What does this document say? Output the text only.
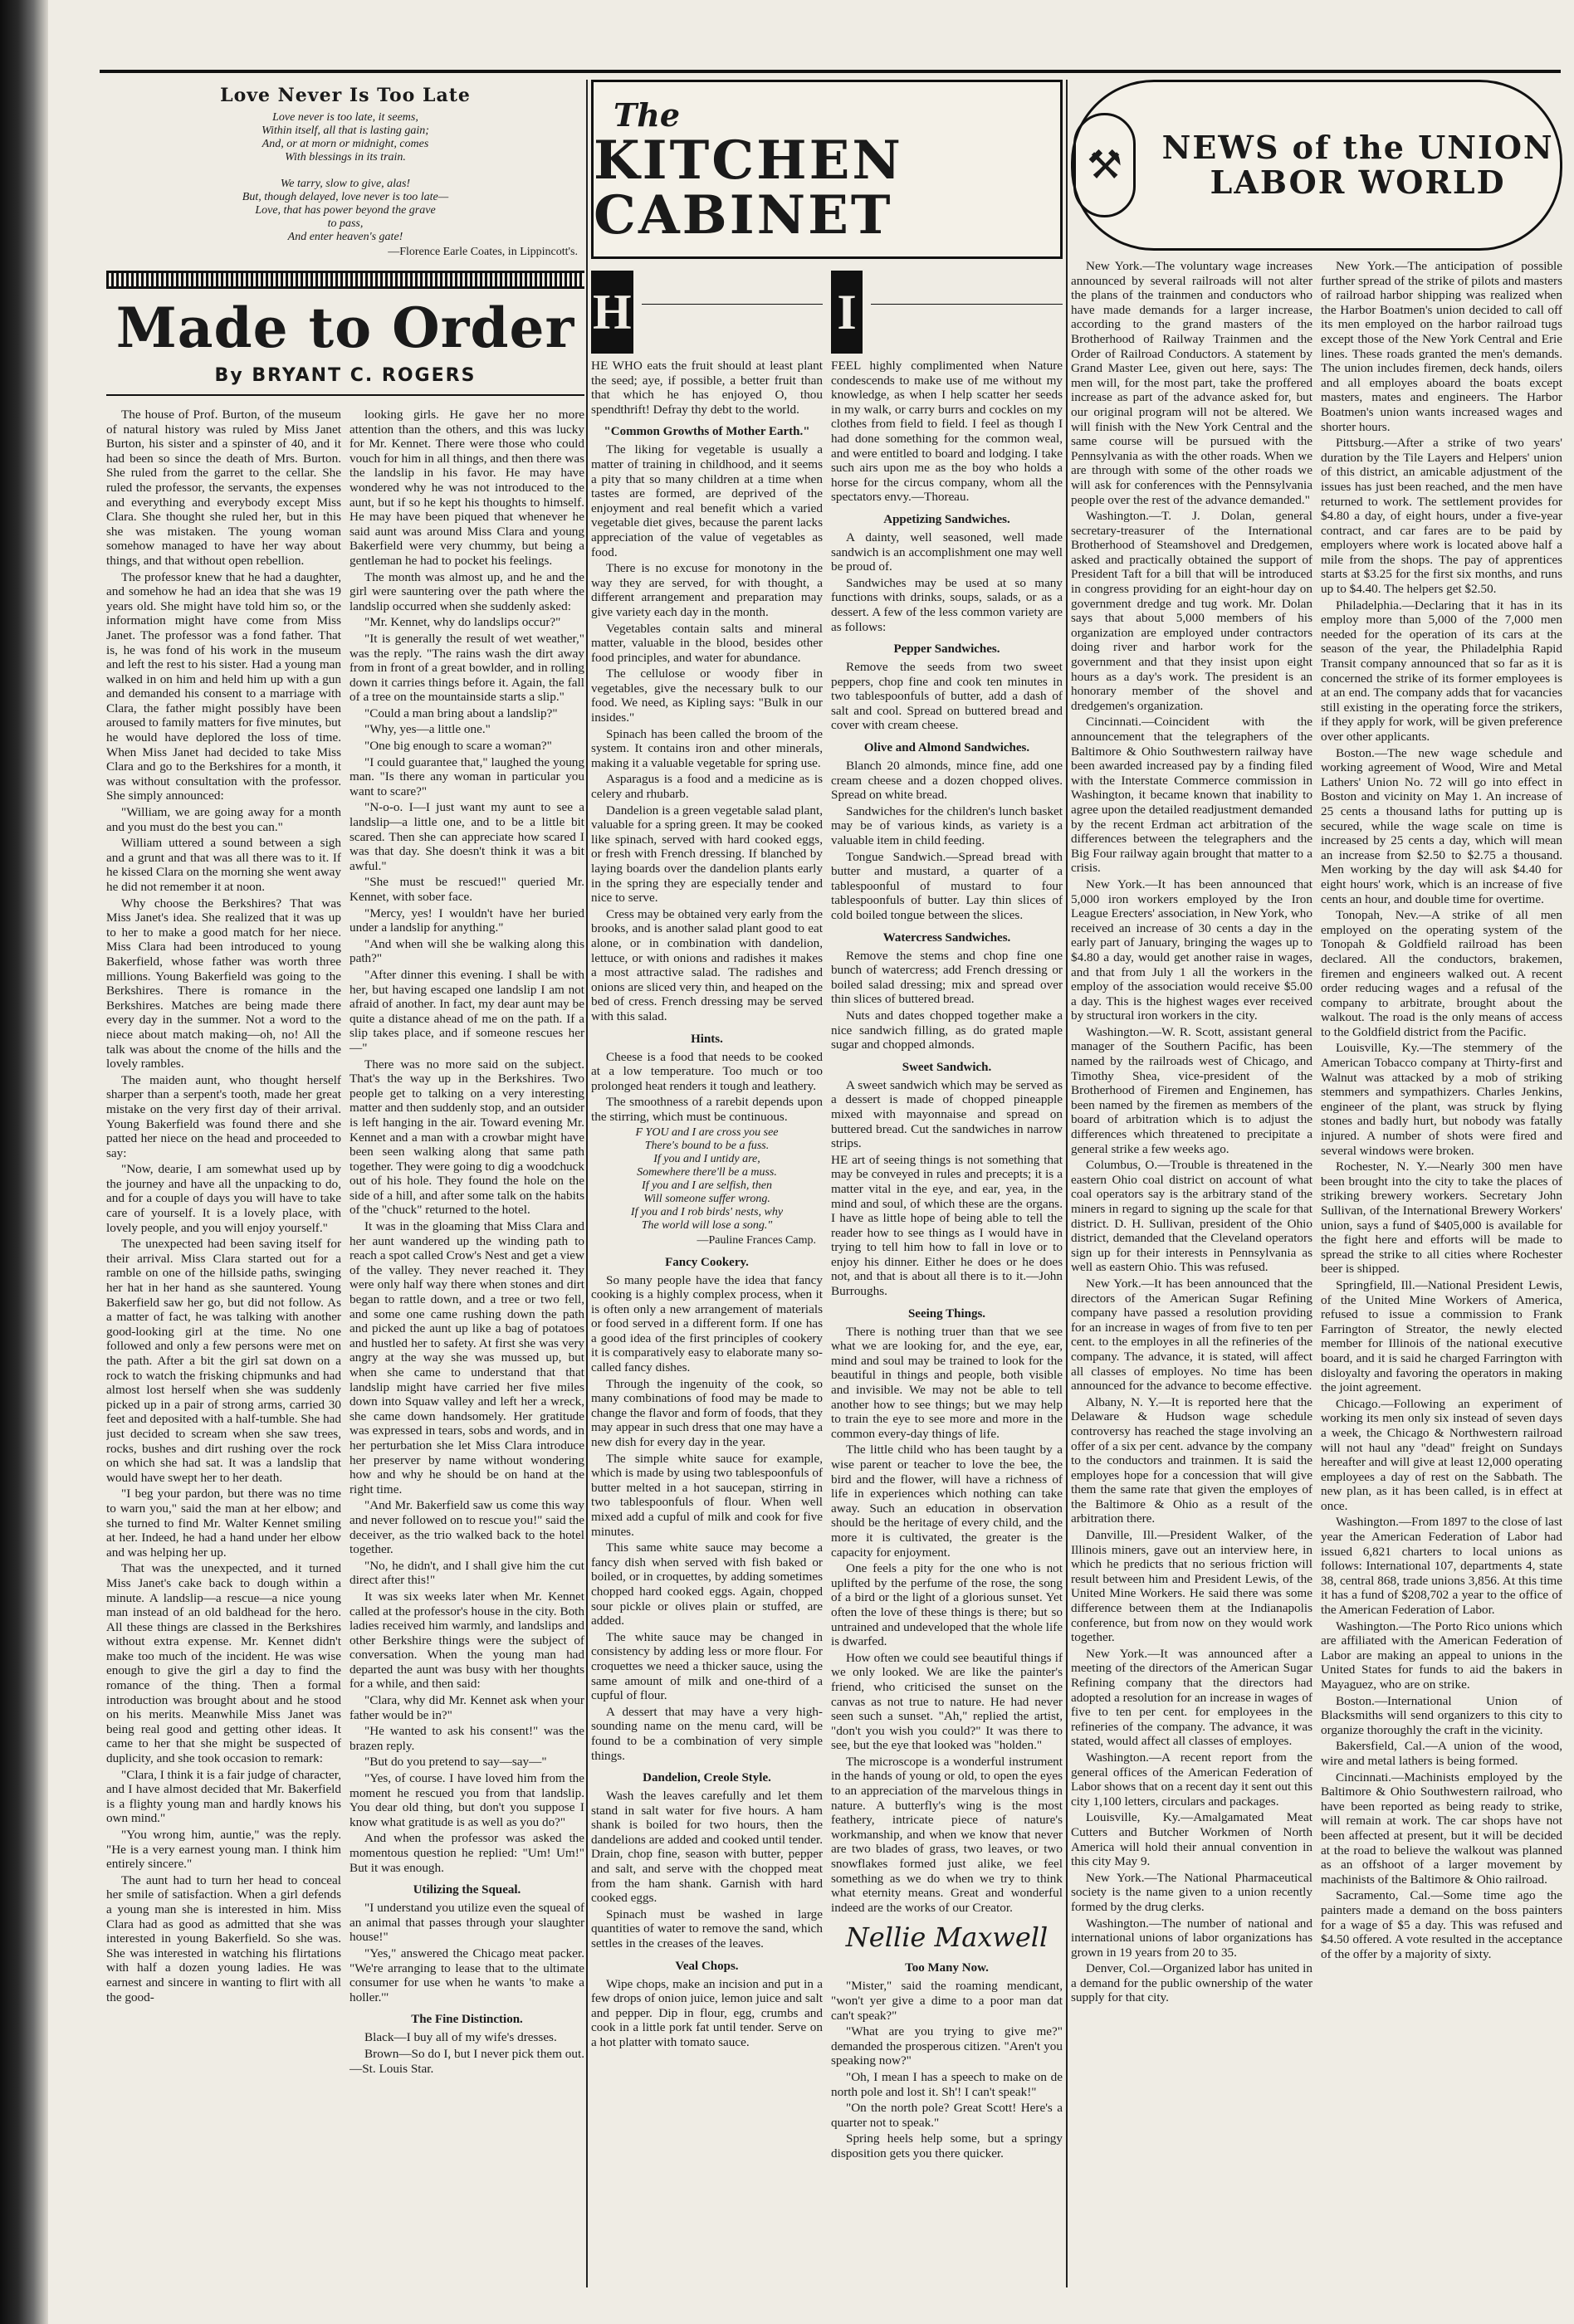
Love Never Is Too Late
Love never is too late, it seems,
Within itself, all that is lasting gain;
And, or at morn or midnight, comes
With blessings in its train.

We tarry, slow to give, alas!
But, though delayed, love never is too late—
Love, that has power beyond the grave
to pass,
And enter heaven's gate!
—Florence Earle Coates, in Lippincott's.
Made to Order
By BRYANT C. ROGERS

The house of Prof. Burton, of the museum of natural history was ruled by Miss Janet Burton, his sister and a spinster of 40, and it had been so since the death of Mrs. Burton. She ruled from the garret to the cellar. She ruled the professor, the servants, the expenses and everything and everybody except Miss Clara. She thought she ruled her, but in this she was mistaken. The young woman somehow managed to have her way about things, and that without open rebellion.

The professor knew that he had a daughter, and somehow he had an idea that she was 19 years old. She might have told him so, or the information might have come from Miss Janet. The professor was a fond father. That is, he was fond of his work in the museum and left the rest to his sister. Had a young man walked in on him and held him up with a gun and demanded his consent to a marriage with Clara, the father might possibly have been aroused to family matters for five minutes, but he would have deplored the loss of time. When Miss Janet had decided to take Miss Clara and go to the Berkshires for a month, it was without consultation with the professor. She simply announced:

"William, we are going away for a month and you must do the best you can."

William uttered a sound between a sigh and a grunt and that was all there was to it. If he kissed Clara on the morning she went away he did not remember it at noon.

Why choose the Berkshires? That was Miss Janet's idea. She realized that it was up to her to make a good match for her niece. Miss Clara had been introduced to young Bakerfield, whose father was worth three millions. Young Bakerfield was going to the Berkshires. There is romance in the Berkshires. Matches are being made there every day in the summer. Not a word to the niece about match making—oh, no! All the talk was about the cnome of the hills and the lovely rambles.

The maiden aunt, who thought herself sharper than a serpent's tooth, made her great mistake on the very first day of their arrival. Young Bakerfield was found there and she patted her niece on the head and proceeded to say:

"Now, dearie, I am somewhat used up by the journey and have all the unpacking to do, and for a couple of days you will have to take care of yourself. It is a lovely place, with lovely people, and you will enjoy yourself."

The unexpected had been saving itself for their arrival. Miss Clara started out for a ramble on one of the hillside paths, swinging her hat in her hand as she sauntered. Young Bakerfield saw her go, but did not follow. As a matter of fact, he was talking with another good-looking girl at the time. No one followed and only a few persons were met on the path. After a bit the girl sat down on a rock to watch the frisking chipmunks and had almost lost herself when she was suddenly picked up in a pair of strong arms, carried 30 feet and deposited with a half-tumble. She had just decided to scream when she saw trees, rocks, bushes and dirt rushing over the rock on which she had sat. It was a landslip that would have swept her to her death.

"I beg your pardon, but there was no time to warn you," said the man at her elbow; and she turned to find Mr. Walter Kennet smiling at her. Indeed, he had a hand under her elbow and was helping her up.

That was the unexpected, and it turned Miss Janet's cake back to dough within a minute. A landslip—a rescue—a nice young man instead of an old baldhead for the hero. All these things are classed in the Berkshires without extra expense. Mr. Kennet didn't make too much of the incident. He was wise enough to give the girl a day to find the romance of the thing. Then a formal introduction was brought about and he stood on his merits. Meanwhile Miss Janet was being real good and getting other ideas. It came to her that she might be suspected of duplicity, and she took occasion to remark:

"Clara, I think it is a fair judge of character, and I have almost decided that Mr. Bakerfield is a flighty young man and hardly knows his own mind."

"You wrong him, auntie," was the reply. "He is a very earnest young man. I think him entirely sincere."

The aunt had to turn her head to conceal her smile of satisfaction. When a girl defends a young man she is interested in him. Miss Clara had as good as admitted that she was interested in young Bakerfield. So she was. She was interested in watching his flirtations with half a dozen young ladies. He was earnest and sincere in wanting to flirt with all the good-

looking girls. He gave her no more attention than the others, and this was lucky for Mr. Kennet. There were those who could vouch for him in all things, and then there was the landslip in his favor. He may have wondered why he was not introduced to the aunt, but if so he kept his thoughts to himself. He may have been piqued that whenever he said aunt was around Miss Clara and young Bakerfield were very chummy, but being a gentleman he had to pocket his feelings.

The month was almost up, and he and the girl were sauntering over the path where the landslip occurred when she suddenly asked:

"Mr. Kennet, why do landslips occur?"

"It is generally the result of wet weather," was the reply. "The rains wash the dirt away from in front of a great bowlder, and in rolling down it carries things before it. Again, the fall of a tree on the mountainside starts a slip."

"Could a man bring about a landslip?"

"Why, yes—a little one."

"One big enough to scare a woman?"

"I could guarantee that," laughed the young man. "Is there any woman in particular you want to scare?"

"N-o-o. I—I just want my aunt to see a landslip—a little one, and to be a little bit scared. Then she can appreciate how scared I was that day. She doesn't think it was a bit awful."

"She must be rescued!" queried Mr. Kennet, with sober face.

"Mercy, yes! I wouldn't have her buried under a landslip for anything."

"And when will she be walking along this path?"

"After dinner this evening. I shall be with her, but having escaped one landslip I am not afraid of another. In fact, my dear aunt may be quite a distance ahead of me on the path. If a slip takes place, and if someone rescues her—"

There was no more said on the subject. That's the way up in the Berkshires. Two people get to talking on a very interesting matter and then suddenly stop, and an outsider is left hanging in the air. Toward evening Mr. Kennet and a man with a crowbar might have been seen walking along that same path together. They were going to dig a woodchuck out of his hole. They found the hole on the side of a hill, and after some talk on the habits of the "chuck" returned to the hotel.

It was in the gloaming that Miss Clara and her aunt wandered up the winding path to reach a spot called Crow's Nest and get a view of the valley. They never reached it. They were only half way there when stones and dirt began to rattle down, and a tree or two fell, and some one came rushing down the path and picked the aunt up like a bag of potatoes and hustled her to safety. At first she was very angry at the way she was mussed up, but when she came to understand that that landslip might have carried her five miles down into Squaw valley and left her a wreck, she came down handsomely. Her gratitude was expressed in tears, sobs and words, and in her perturbation she let Miss Clara introduce her preserver by name without wondering how and why he should be on hand at the right time.

"And Mr. Bakerfield saw us come this way and never followed on to rescue you!" said the deceiver, as the trio walked back to the hotel together.

"No, he didn't, and I shall give him the cut direct after this!"

It was six weeks later when Mr. Kennet called at the professor's house in the city. Both ladies received him warmly, and landslips and other Berkshire things were the subject of conversation. When the young man had departed the aunt was busy with her thoughts for a while, and then said:

"Clara, why did Mr. Kennet ask when your father would be in?"

"He wanted to ask his consent!" was the brazen reply.

"But do you pretend to say—say—"

"Yes, of course. I have loved him from the moment he rescued you from that landslip. You dear old thing, but don't you suppose I know what gratitude is as well as you do?"

And when the professor was asked the momentous question he replied: "Um! Um!" But it was enough.

Utilizing the Squeal.

"I understand you utilize even the squeal of an animal that passes through your slaughter house!"

"Yes," answered the Chicago meat packer. "We're arranging to lease that to the ultimate consumer for use when he wants 'to make a holler.'"

The Fine Distinction.

Black—I buy all of my wife's dresses.

Brown—So do I, but I never pick them out.—St. Louis Star.

The
KITCHEN CABINET
H

HE WHO eats the fruit should at least plant the seed; aye, if possible, a better fruit than that which he has enjoyed O, thou spendthrift! Defray thy debt to the world.

"Common Growths of Mother Earth."

The liking for vegetable is usually a matter of training in childhood, and it seems a pity that so many children at a time when tastes are formed, are deprived of the enjoyment and real benefit which a varied vegetable diet gives, because the parent lacks appreciation of the value of vegetables as food.

There is no excuse for monotony in the way they are served, for with thought, a different arrangement and preparation may give variety each day in the month.

Vegetables contain salts and mineral matter, valuable in the blood, besides other food principles, and water for abundance.

The cellulose or woody fiber in vegetables, give the necessary bulk to our food. We need, as Kipling says: "Bulk in our insides."

Spinach has been called the broom of the system. It contains iron and other minerals, making it a valuable vegetable for spring use.

Asparagus is a food and a medicine as is celery and rhubarb.

Dandelion is a green vegetable salad plant, valuable for a spring green. It may be cooked like spinach, served with hard cooked eggs, or fresh with French dressing. If blanched by laying boards over the dandelion plants early in the spring they are especially tender and nice to serve.

Cress may be obtained very early from the brooks, and is another salad plant good to eat alone, or in combination with dandelion, lettuce, or with onions and radishes it makes a most attractive salad. The radishes and onions are sliced very thin, and heaped on the bed of cress. French dressing may be served with this salad.

Hints.

Cheese is a food that needs to be cooked at a low temperature. Too much or too prolonged heat renders it tough and leathery.

The smoothness of a rarebit depends upon the stirring, which must be continuous.

F YOU and I are cross you see
There's bound to be a fuss.
If you and I untidy are,
Somewhere there'll be a muss.
If you and I are selfish, then
Will someone suffer wrong.
If you and I rob birds' nests, why
The world will lose a song."
—Pauline Frances Camp.
Fancy Cookery.

So many people have the idea that fancy cooking is a highly complex process, when it is often only a new arrangement of materials or food served in a different form. If one has a good idea of the first principles of cookery it is comparatively easy to elaborate many so-called fancy dishes.

Through the ingenuity of the cook, so many combinations of food may be made to change the flavor and form of foods, that they may appear in such dress that one may have a new dish for every day in the year.

The simple white sauce for example, which is made by using two tablespoonfuls of butter melted in a hot saucepan, stirring in two tablespoonfuls of flour. When well mixed add a cupful of milk and cook for five minutes.

This same white sauce may become a fancy dish when served with fish baked or boiled, or in croquettes, by adding sometimes chopped hard cooked eggs. Again, chopped sour pickle or olives plain or stuffed, are added.

The white sauce may be changed in consistency by adding less or more flour. For croquettes we need a thicker sauce, using the same amount of milk and one-third of a cupful of flour.

A dessert that may have a very high-sounding name on the menu card, will be found to be a combination of very simple things.

Dandelion, Creole Style.

Wash the leaves carefully and let them stand in salt water for five hours. A ham shank is boiled for two hours, then the dandelions are added and cooked until tender. Drain, chop fine, season with butter, pepper and salt, and serve with the chopped meat from the ham shank. Garnish with hard cooked eggs.

Spinach must be washed in large quantities of water to remove the sand, which settles in the creases of the leaves.

Veal Chops.

Wipe chops, make an incision and put in a few drops of onion juice, lemon juice and salt and pepper. Dip in flour, egg, crumbs and cook in a little pork fat until tender. Serve on a hot platter with tomato sauce.

I

FEEL highly complimented when Nature condescends to make use of me without my knowledge, as when I help scatter her seeds in my walk, or carry burrs and cockles on my clothes from field to field. I feel as though I had done something for the common weal, and were entitled to board and lodging. I take such airs upon me as the boy who holds a horse for the circus company, whom all the spectators envy.—Thoreau.

Appetizing Sandwiches.

A dainty, well seasoned, well made sandwich is an accomplishment one may well be proud of.

Sandwiches may be used at so many functions with drinks, soups, salads, or as a dessert. A few of the less common variety are as follows:

Pepper Sandwiches.

Remove the seeds from two sweet peppers, chop fine and cook ten minutes in two tablespoonfuls of butter, add a dash of salt and cool. Spread on buttered bread and cover with cream cheese.

Olive and Almond Sandwiches.

Blanch 20 almonds, mince fine, add one cream cheese and a dozen chopped olives. Spread on white bread.

Sandwiches for the children's lunch basket may be of various kinds, as variety is a valuable item in child feeding.

Tongue Sandwich.—Spread bread with butter and mustard, a quarter of a tablespoonful of mustard to four tablespoonfuls of butter. Lay thin slices of cold boiled tongue between the slices.

Watercress Sandwiches.

Remove the stems and chop fine one bunch of watercress; add French dressing or boiled salad dressing; mix and spread over thin slices of buttered bread.

Nuts and dates chopped together make a nice sandwich filling, as do grated maple sugar and chopped almonds.

Sweet Sandwich.

A sweet sandwich which may be served as a dessert is made of chopped pineapple mixed with mayonnaise and spread on buttered bread. Cut the sandwiches in narrow strips.

HE art of seeing things is not something that may be conveyed in rules and precepts; it is a matter vital in the eye, and ear, yea, in the mind and soul, of which these are the organs. I have as little hope of being able to tell the reader how to see things as I would have in trying to tell him how to fall in love or to enjoy his dinner. Either he does or he does not, and that is about all there is to it.—John Burroughs.

Seeing Things.

There is nothing truer than that we see what we are looking for, and the eye, ear, mind and soul may be trained to look for the beautiful in things and people, both visible and invisible. We may not be able to tell another how to see things; but we may help to train the eye to see more and more in the common every-day things of life.

The little child who has been taught by a wise parent or teacher to love the bee, the bird and the flower, will have a richness of life in experiences which nothing can take away. Such an education in observation should be the heritage of every child, and the more it is cultivated, the greater is the capacity for enjoyment.

One feels a pity for the one who is not uplifted by the perfume of the rose, the song of a bird or the light of a glorious sunset. Yet often the love of these things is there; but so untrained and undeveloped that the whole life is dwarfed.

How often we could see beautiful things if we only looked. We are like the painter's friend, who criticised the sunset on the canvas as not true to nature. He had never seen such a sunset. "Ah," replied the artist, "don't you wish you could?" It was there to see, but the eye that looked was "holden."

The microscope is a wonderful instrument in the hands of young or old, to open the eyes to an appreciation of the marvelous things in nature. A butterfly's wing is the most feathery, intricate piece of nature's workmanship, and when we know that never are two blades of grass, two leaves, or two snowflakes formed just alike, we feel something as we do when we try to think what eternity means. Great and wonderful indeed are the works of our Creator.

Nellie Maxwell
Too Many Now.

"Mister," said the roaming mendicant, "won't yer give a dime to a poor man dat can't speak?"

"What are you trying to give me?" demanded the prosperous citizen. "Aren't you speaking now?"

"Oh, I mean I has a speech to make on de north pole and lost it. Sh'! I can't speak!"

"On the north pole? Great Scott! Here's a quarter not to speak."

Spring heels help some, but a springy disposition gets you there quicker.

⚒	NEWS of the UNION LABOR WORLD

New York.—The voluntary wage increases announced by several railroads will not alter the plans of the trainmen and conductors who have made demands for a larger increase, according to the grand masters of the Brotherhood of Railway Trainmen and the Order of Railroad Conductors. A statement by Grand Master Lee, given out here, says: The men will, for the most part, take the proffered increase as part of the advance asked for, but our original program will not be altered. We will finish with the New York Central and the same course will be pursued with the Pennsylvania as with the other roads. When we are through with some of the other roads we will ask for conferences with the Pennsylvania people over the rest of the advance demanded."

Washington.—T. J. Dolan, general secretary-treasurer of the International Brotherhood of Steamshovel and Dredgemen, asked and practically obtained the support of President Taft for a bill that will be introduced in congress providing for an eight-hour day on government dredge and tug work. Mr. Dolan says that about 5,000 members of his organization are employed under contractors doing river and harbor work for the government and that they insist upon eight hours as a day's work. The president is an honorary member of the shovel and dredgemen's organization.

Cincinnati.—Coincident with the announcement that the telegraphers of the Baltimore & Ohio Southwestern railway have been awarded increased pay by a finding filed with the Interstate Commerce commission in Washington, it became known that inability to agree upon the detailed readjustment demanded by the recent Erdman act arbitration of the differences between the telegraphers and the Big Four railway again brought that matter to a crisis.

New York.—It has been announced that 5,000 iron workers employed by the Iron League Erecters' association, in New York, who received an increase of 30 cents a day in the early part of January, bringing the wages up to $4.80 a day, would get another raise in wages, and that from July 1 all the workers in the employ of the association would receive $5.00 a day. This is the highest wages ever received by structural iron workers in the city.

Washington.—W. R. Scott, assistant general manager of the Southern Pacific, has been named by the railroads west of Chicago, and Timothy Shea, vice-president of the Brotherhood of Firemen and Enginemen, has been named by the firemen as members of the board of arbitration which is to adjust the differences which threatened to precipitate a general strike a few weeks ago.

Columbus, O.—Trouble is threatened in the eastern Ohio coal district on account of what coal operators say is the arbitrary stand of the miners in regard to signing up the scale for that district. D. H. Sullivan, president of the Ohio district, demanded that the Cleveland operators sign up for their interests in Pennsylvania as well as eastern Ohio. This was refused.

New York.—It has been announced that the directors of the American Sugar Refining company have passed a resolution providing for an increase in wages of from five to ten per cent. to the employes in all the refineries of the company. The advance, it is stated, will affect all classes of employes. No time has been announced for the advance to become effective.

Albany, N. Y.—It is reported here that the Delaware & Hudson wage schedule controversy has reached the stage involving an offer of a six per cent. advance by the company to the conductors and trainmen. It is said the employes hope for a concession that will give them the same rate that given the employes of the Baltimore & Ohio as a result of the arbitration there.

Danville, Ill.—President Walker, of the Illinois miners, gave out an interview here, in which he predicts that no serious friction will result between him and President Lewis, of the United Mine Workers. He said there was some difference between them at the Indianapolis conference, but from now on they would work together.

New York.—It was announced after a meeting of the directors of the American Sugar Refining company that the directors had adopted a resolution for an increase in wages of five to ten per cent. for employees in the refineries of the company. The advance, it was stated, would affect all classes of employes.

Washington.—A recent report from the general offices of the American Federation of Labor shows that on a recent day it sent out this city 1,100 letters, circulars and packages.

Louisville, Ky.—Amalgamated Meat Cutters and Butcher Workmen of North America will hold their annual convention in this city May 9.

New York.—The National Pharmaceutical society is the name given to a union recently formed by the drug clerks.

Washington.—The number of national and international unions of labor organizations has grown in 19 years from 20 to 35.

Denver, Col.—Organized labor has united in a demand for the public ownership of the water supply for that city.

New York.—The anticipation of possible further spread of the strike of pilots and masters of railroad harbor shipping was realized when the Harbor Boatmen's union decided to call off its men employed on the harbor railroad tugs except those of the New York Central and Erie lines. These roads granted the men's demands. The union includes firemen, deck hands, oilers and all employes aboard the boats except masters, mates and engineers. The Harbor Boatmen's union wants increased wages and shorter hours.

Pittsburg.—After a strike of two years' duration by the Tile Layers and Helpers' union of this district, an amicable adjustment of the issues has just been reached, and the men have returned to work. The settlement provides for $4.80 a day, of eight hours, under a five-year contract, and car fares are to be paid by employers where work is located above half a mile from the shops. The pay of apprentices starts at $3.25 for the first six months, and runs up to $4.40. The helpers get $2.50.

Philadelphia.—Declaring that it has in its employ more than 5,000 of the 7,000 men needed for the operation of its cars at the season of the year, the Philadelphia Rapid Transit company announced that so far as it is concerned the strike of its former employees is at an end. The company adds that for vacancies still existing in the operating force the strikers, if they apply for work, will be given preference over other applicants.

Boston.—The new wage schedule and working agreement of Wood, Wire and Metal Lathers' Union No. 72 will go into effect in Boston and vicinity on May 1. An increase of 25 cents a thousand laths for putting up is secured, while the wage scale on time is increased by 25 cents a day, which will mean an increase from $2.50 to $2.75 a thousand. Men working by the day will ask $4.40 for eight hours' work, which is an increase of five cents an hour, and double time for overtime.

Tonopah, Nev.—A strike of all men employed on the operating system of the Tonopah & Goldfield railroad has been declared. All the conductors, brakemen, firemen and engineers walked out. A recent order reducing wages and a refusal of the company to arbitrate, brought about the walkout. The road is the only means of access to the Goldfield district from the Pacific.

Louisville, Ky.—The stemmery of the American Tobacco company at Thirty-first and Walnut was attacked by a mob of striking stemmers and sympathizers. Charles Jenkins, engineer of the plant, was struck by flying stones and badly hurt, but nobody was fatally injured. A number of shots were fired and several windows were broken.

Rochester, N. Y.—Nearly 300 men have been brought into the city to take the places of striking brewery workers. Secretary John Sullivan, of the International Brewery Workers' union, says a fund of $405,000 is available for the fight here and efforts will be made to spread the strike to all cities where Rochester beer is shipped.

Springfield, Ill.—National President Lewis, of the United Mine Workers of America, refused to issue a commission to Frank Farrington of Streator, the newly elected member for Illinois of the national executive board, and it is said he charged Farrington with disloyalty and favoring the operators in making the joint agreement.

Chicago.—Following an experiment of working its men only six instead of seven days a week, the Chicago & Northwestern railroad will not haul any "dead" freight on Sundays hereafter and will give at least 12,000 operating employees a day of rest on the Sabbath. The new plan, as it has been called, is in effect at once.

Washington.—From 1897 to the close of last year the American Federation of Labor had issued 6,821 charters to local unions as follows: International 107, departments 4, state 38, central 868, trade unions 3,856. At this time it has a fund of $208,702 a year to the office of the American Federation of Labor.

Washington.—The Porto Rico unions which are affiliated with the American Federation of Labor are making an appeal to unions in the United States for funds to aid the bakers in Mayaguez, who are on strike.

Boston.—International Union of Blacksmiths will send organizers to this city to organize thoroughly the craft in the vicinity.

Bakersfield, Cal.—A union of the wood, wire and metal lathers is being formed.

Cincinnati.—Machinists employed by the Baltimore & Ohio Southwestern railroad, who have been reported as being ready to strike, will remain at work. The car shops have not been affected at present, but it will be decided at the road to believe the walkout was planned as an offshoot of a larger movement by machinists of the Baltimore & Ohio railroad.

Sacramento, Cal.—Some time ago the painters made a demand on the boss painters for a wage of $5 a day. This was refused and $4.50 offered. A vote resulted in the acceptance of the offer by a majority of sixty.
